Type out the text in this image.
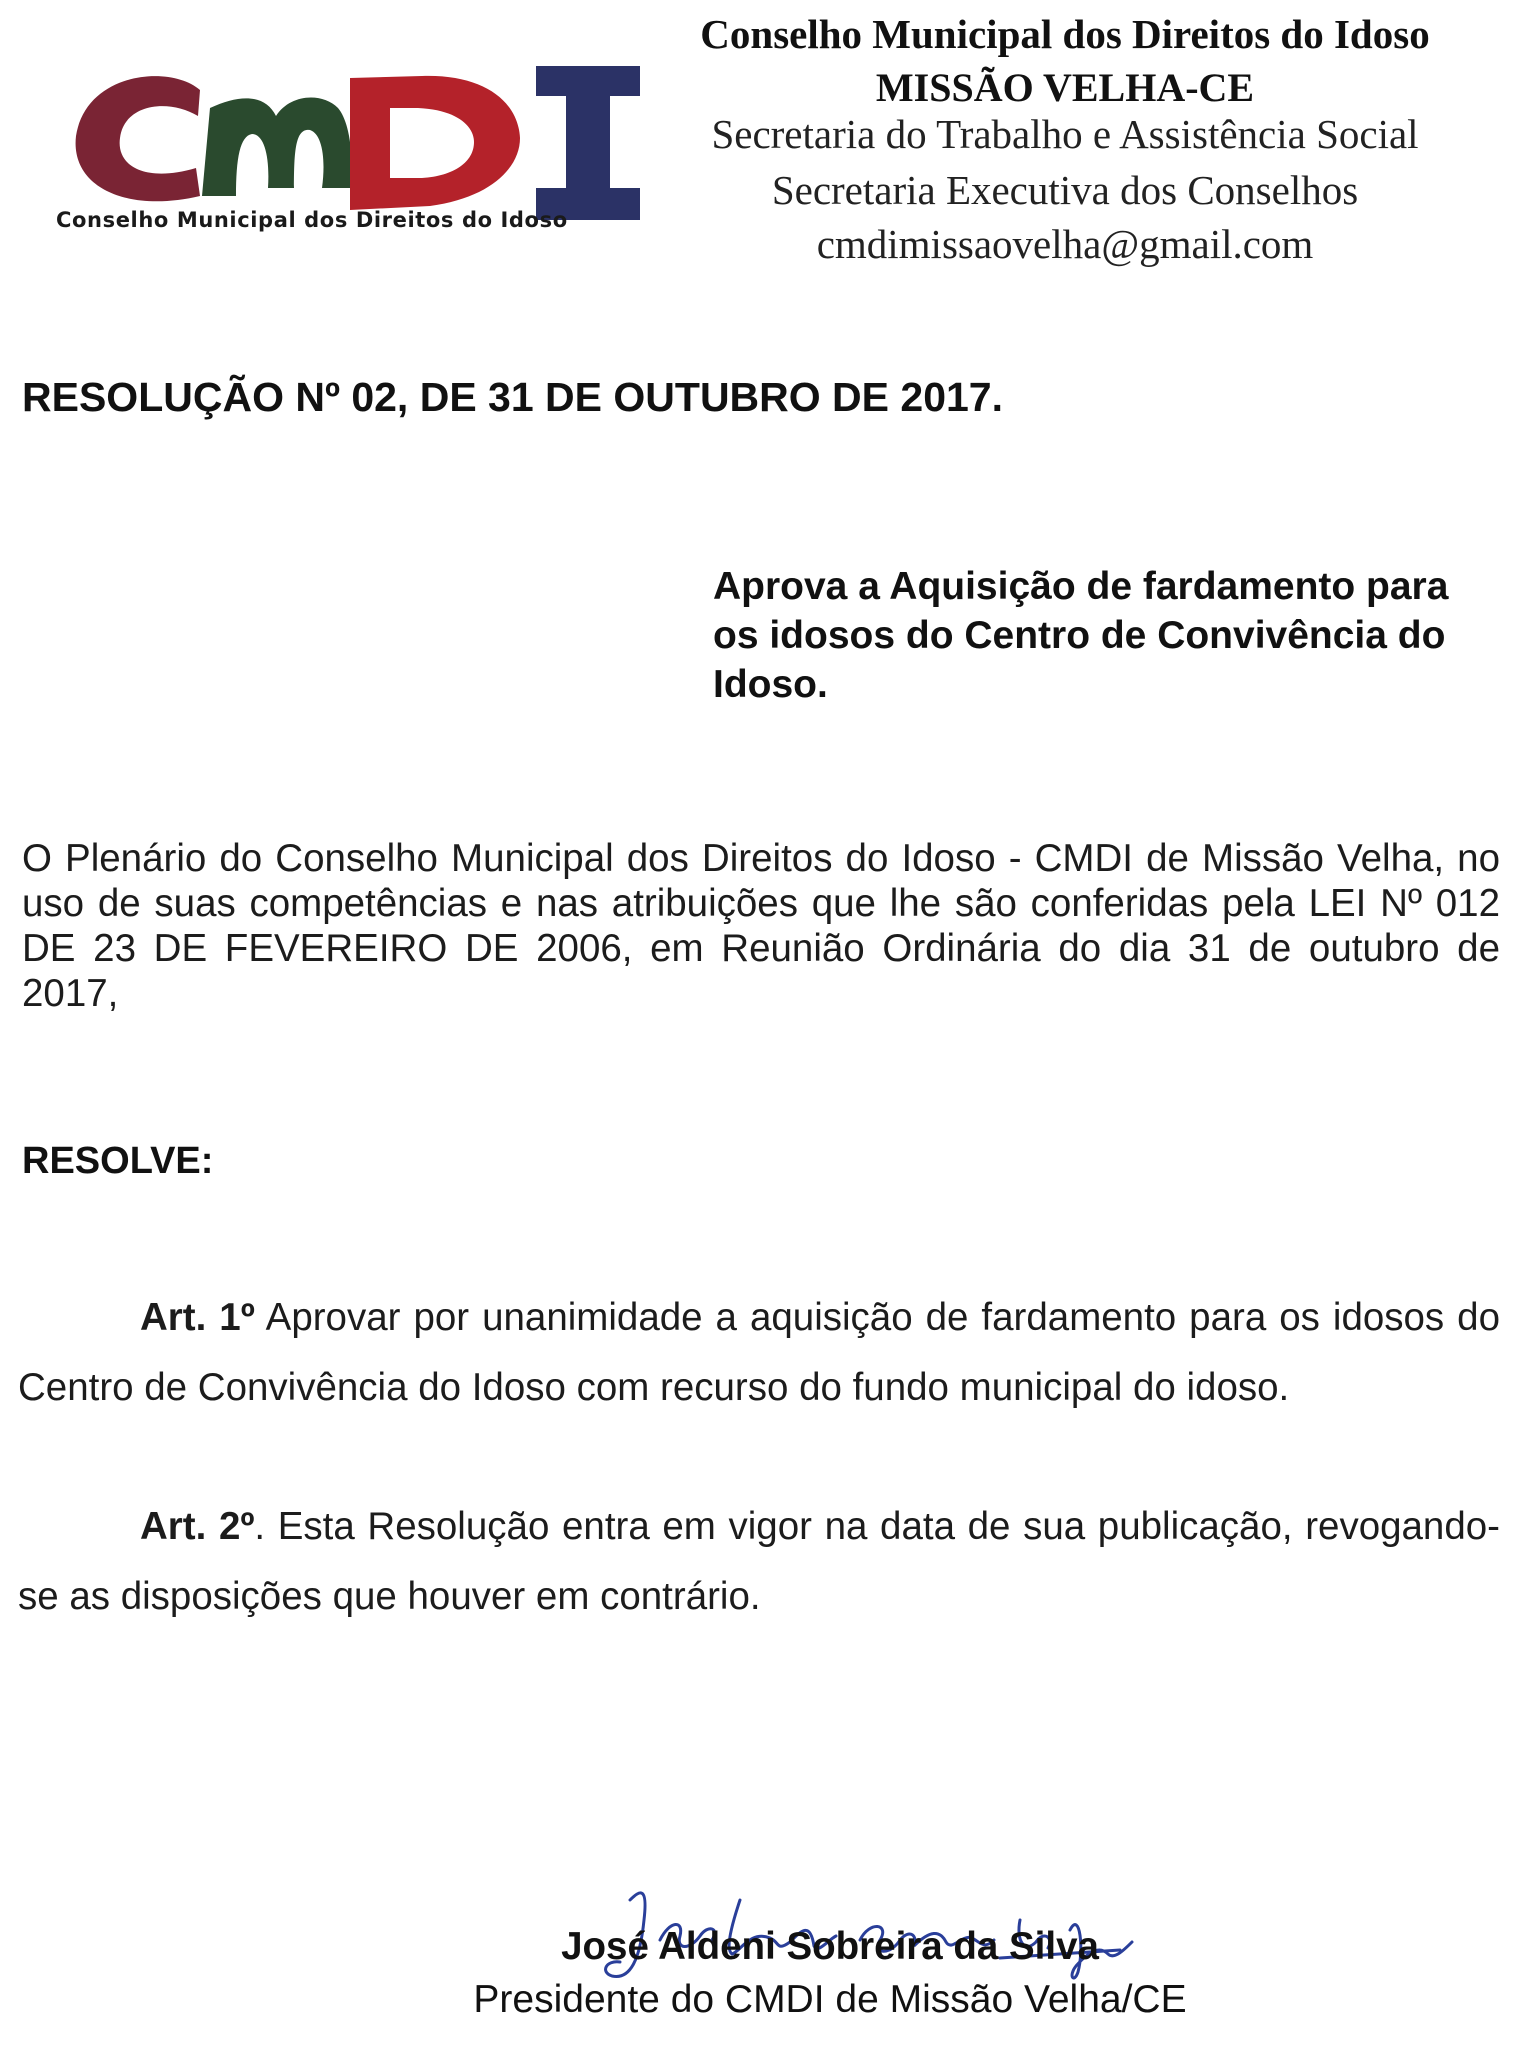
Conselho Municipal dos Direitos do Idoso
Conselho Municipal dos Direitos do Idoso
MISSÃO VELHA-CE
Secretaria do Trabalho e Assistência Social
Secretaria Executiva dos Conselhos
cmdimissaovelha@gmail.com
RESOLUÇÃO Nº 02, DE 31 DE OUTUBRO DE 2017.
Aprova a Aquisição de fardamento para os idosos do Centro de Convivência do Idoso.
O Plenário do Conselho Municipal dos Direitos do Idoso - CMDI de Missão Velha, no uso de suas competências e nas atribuições que lhe são conferidas pela LEI Nº 012 DE 23 DE FEVEREIRO DE 2006, em Reunião Ordinária do dia 31 de outubro de 2017,
RESOLVE:
Art. 1º Aprovar por unanimidade a aquisição de fardamento para os idosos do Centro de Convivência do Idoso com recurso do fundo municipal do idoso.
Art. 2º. Esta Resolução entra em vigor na data de sua publicação, revogando-se as disposições que houver em contrário.
José Aldeni Sobreira da Silva
Presidente do CMDI de Missão Velha/CE
